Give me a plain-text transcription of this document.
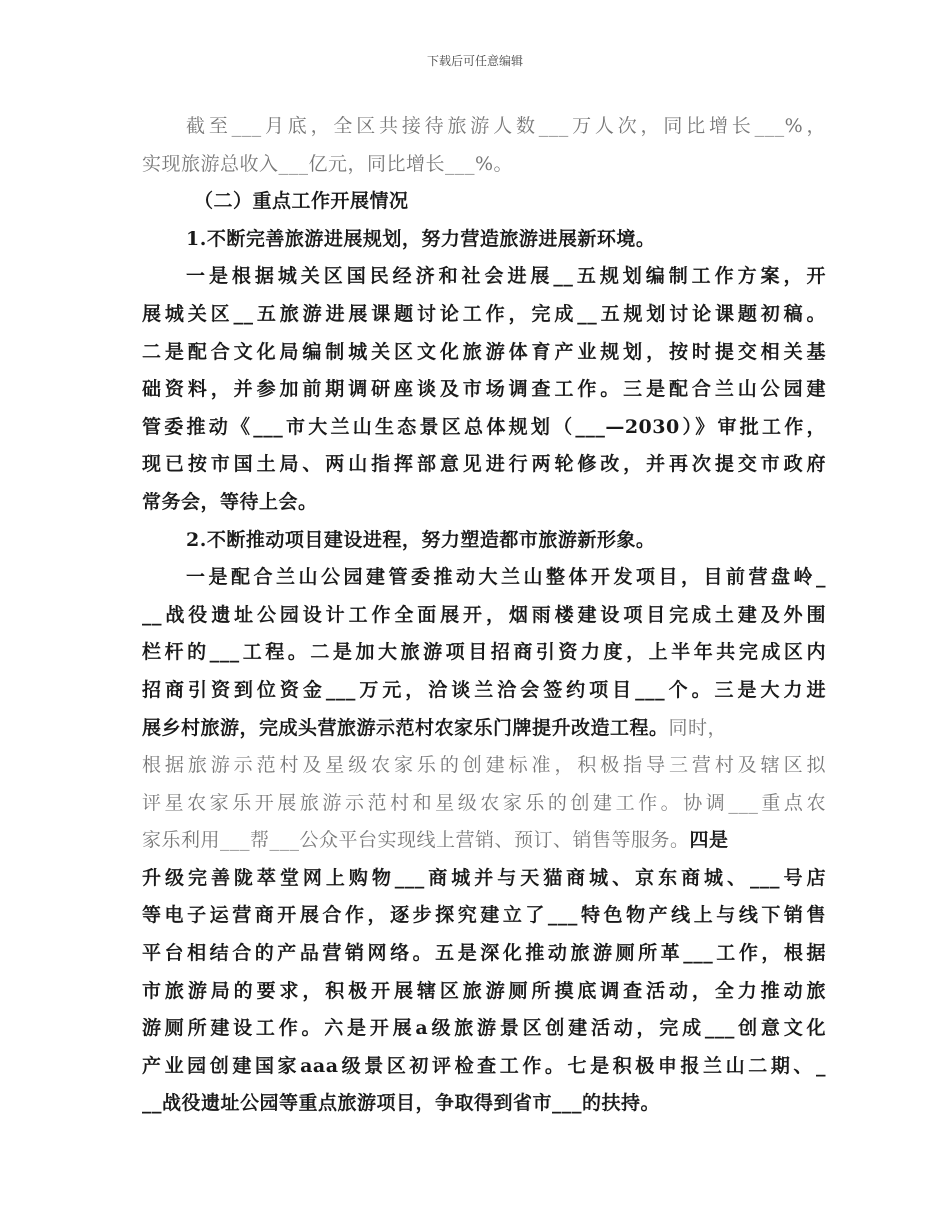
下载后可任意编辑
截至___月底，全区共接待旅游人数___万人次，同比增长___%，
实现旅游总收入___亿元，同比增长___%。
（二）重点工作开展情况
1.不断完善旅游进展规划，努力营造旅游进展新环境。
一是根据城关区国民经济和社会进展__五规划编制工作方案，开
展城关区__五旅游进展课题讨论工作，完成__五规划讨论课题初稿。
二是配合文化局编制城关区文化旅游体育产业规划，按时提交相关基
础资料，并参加前期调研座谈及市场调查工作。三是配合兰山公园建
管委推动《___市大兰山生态景区总体规划（___—2030）》审批工作，
现已按市国土局、两山指挥部意见进行两轮修改，并再次提交市政府
常务会，等待上会。
2.不断推动项目建设进程，努力塑造都市旅游新形象。
一是配合兰山公园建管委推动大兰山整体开发项目，目前营盘岭_
__战役遗址公园设计工作全面展开，烟雨楼建设项目完成土建及外围
栏杆的___工程。二是加大旅游项目招商引资力度，上半年共完成区内
招商引资到位资金___万元，洽谈兰洽会签约项目___个。三是大力进
展乡村旅游，完成头营旅游示范村农家乐门牌提升改造工程。同时，
根据旅游示范村及星级农家乐的创建标准，积极指导三营村及辖区拟
评星农家乐开展旅游示范村和星级农家乐的创建工作。协调___重点农
家乐利用___帮___公众平台实现线上营销、预订、销售等服务。四是
升级完善陇萃堂网上购物___商城并与天猫商城、京东商城、___号店
等电子运营商开展合作，逐步探究建立了___特色物产线上与线下销售
平台相结合的产品营销网络。五是深化推动旅游厕所革___工作，根据
市旅游局的要求，积极开展辖区旅游厕所摸底调查活动，全力推动旅
游厕所建设工作。六是开展a级旅游景区创建活动，完成___创意文化
产业园创建国家aaa级景区初评检查工作。七是积极申报兰山二期、_
__战役遗址公园等重点旅游项目，争取得到省市___的扶持。
